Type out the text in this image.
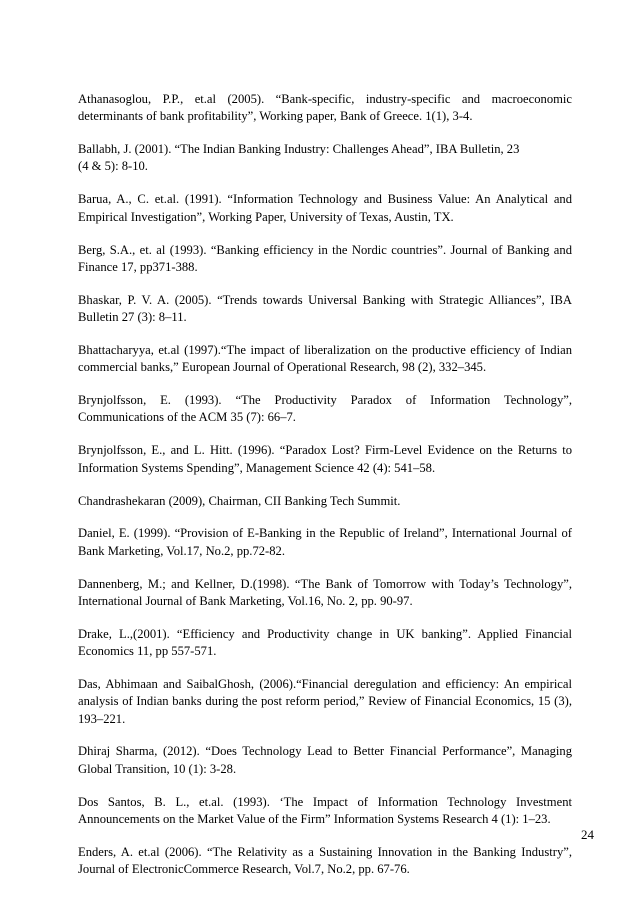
Athanasoglou, P.P., et.al (2005). “Bank-specific, industry-specific and macroeconomic determinants of bank profitability”, Working paper, Bank of Greece. 1(1), 3-4.

Ballabh, J. (2001). “The Indian Banking Industry: Challenges Ahead”, IBA Bulletin, 23
(4 & 5): 8-10.

Barua, A., C. et.al. (1991). “Information Technology and Business Value: An Analytical and Empirical Investigation”, Working Paper, University of Texas, Austin, TX.

Berg, S.A., et. al (1993). “Banking efficiency in the Nordic countries”. Journal of Banking and Finance 17, pp371-388.

Bhaskar, P. V. A. (2005). “Trends towards Universal Banking with Strategic Alliances”, IBA Bulletin 27 (3): 8–11.

Bhattacharyya, et.al (1997).“The impact of liberalization on the productive efficiency of Indian commercial banks,” European Journal of Operational Research, 98 (2), 332–345.

Brynjolfsson, E. (1993). “The Productivity Paradox of Information Technology”, Communications of the ACM 35 (7): 66–7.

Brynjolfsson, E., and L. Hitt. (1996). “Paradox Lost? Firm-Level Evidence on the Returns to Information Systems Spending”, Management Science 42 (4): 541–58.

Chandrashekaran (2009), Chairman, CII Banking Tech Summit.

Daniel, E. (1999). “Provision of E-Banking in the Republic of Ireland”, International Journal of Bank Marketing, Vol.17, No.2, pp.72-82.

Dannenberg, M.; and Kellner, D.(1998). “The Bank of Tomorrow with Today’s Technology”, International Journal of Bank Marketing, Vol.16, No. 2, pp. 90-97.

Drake, L.,(2001). “Efficiency and Productivity change in UK banking”. Applied Financial Economics 11, pp 557-571.

Das, Abhimaan and SaibalGhosh, (2006).“Financial deregulation and efficiency: An empirical analysis of Indian banks during the post reform period,” Review of Financial Economics, 15 (3), 193–221.

Dhiraj Sharma, (2012). “Does Technology Lead to Better Financial Performance”, Managing Global Transition, 10 (1): 3-28.

Dos Santos, B. L., et.al. (1993). ‘The Impact of Information Technology Investment Announcements on the Market Value of the Firm” Information Systems Research 4 (1): 1–23.

Enders, A. et.al (2006). “The Relativity as a Sustaining Innovation in the Banking Industry”, Journal of ElectronicCommerce Research, Vol.7, No.2, pp. 67-76.

24
